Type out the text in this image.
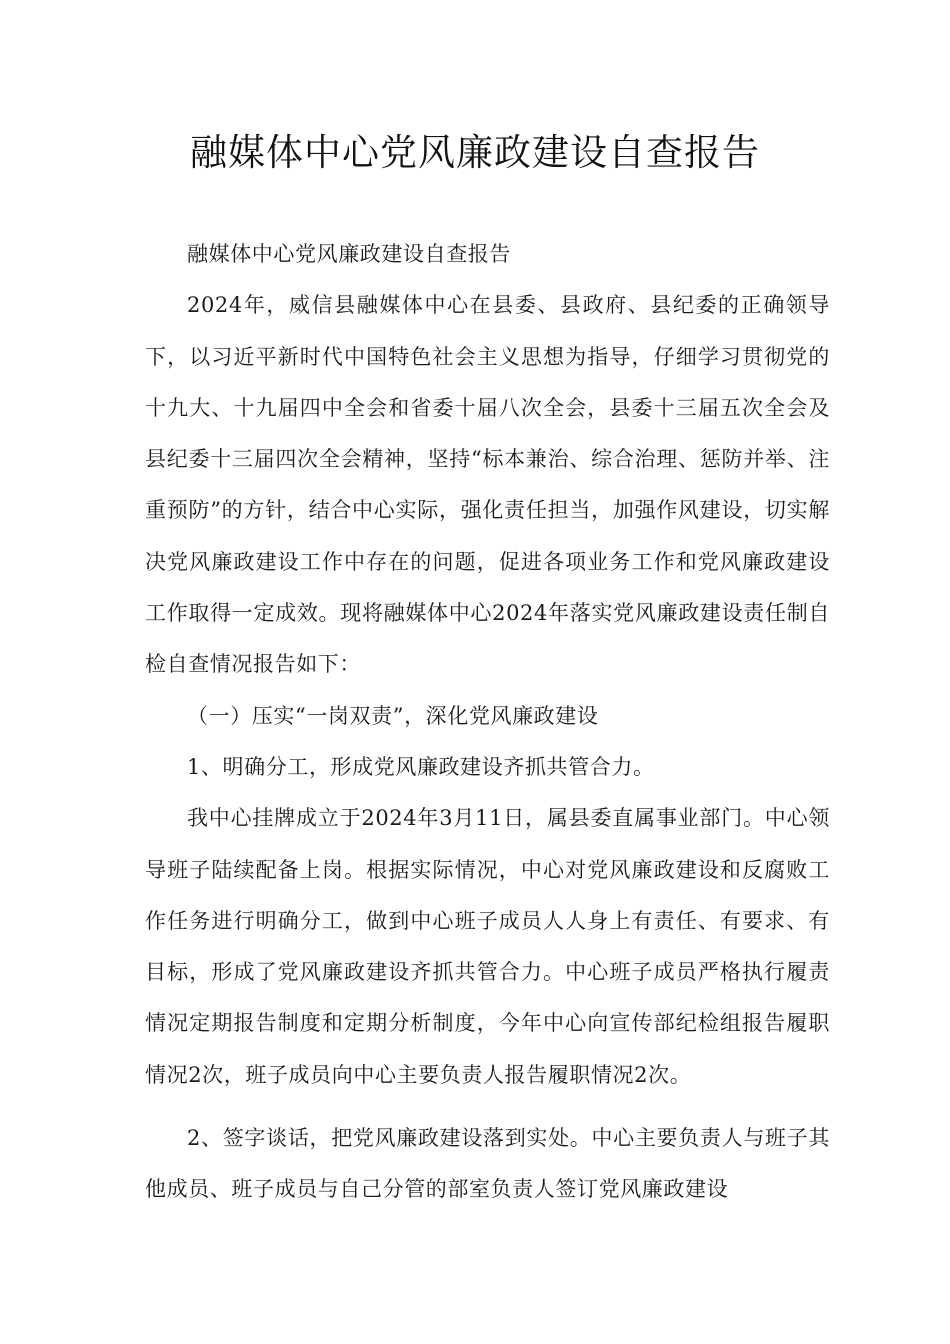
融媒体中心党风廉政建设自查报告

融媒体中心党风廉政建设自查报告

2024年，威信县融媒体中心在县委、县政府、县纪委的正确领导下，以习近平新时代中国特色社会主义思想为指导，仔细学习贯彻党的十九大、十九届四中全会和省委十届八次全会，县委十三届五次全会及县纪委十三届四次全会精神，坚持“标本兼治、综合治理、惩防并举、注重预防”的方针，结合中心实际，强化责任担当，加强作风建设，切实解决党风廉政建设工作中存在的问题，促进各项业务工作和党风廉政建设工作取得一定成效。现将融媒体中心2024年落实党风廉政建设责任制自检自查情况报告如下：

（一）压实“一岗双责”，深化党风廉政建设

1、明确分工，形成党风廉政建设齐抓共管合力。

我中心挂牌成立于2024年3月11日，属县委直属事业部门。中心领导班子陆续配备上岗。根据实际情况，中心对党风廉政建设和反腐败工作任务进行明确分工，做到中心班子成员人人身上有责任、有要求、有目标，形成了党风廉政建设齐抓共管合力。中心班子成员严格执行履责情况定期报告制度和定期分析制度，今年中心向宣传部纪检组报告履职情况2次，班子成员向中心主要负责人报告履职情况2次。

2、签字谈话，把党风廉政建设落到实处。中心主要负责人与班子其他成员、班子成员与自己分管的部室负责人签订党风廉政建设
